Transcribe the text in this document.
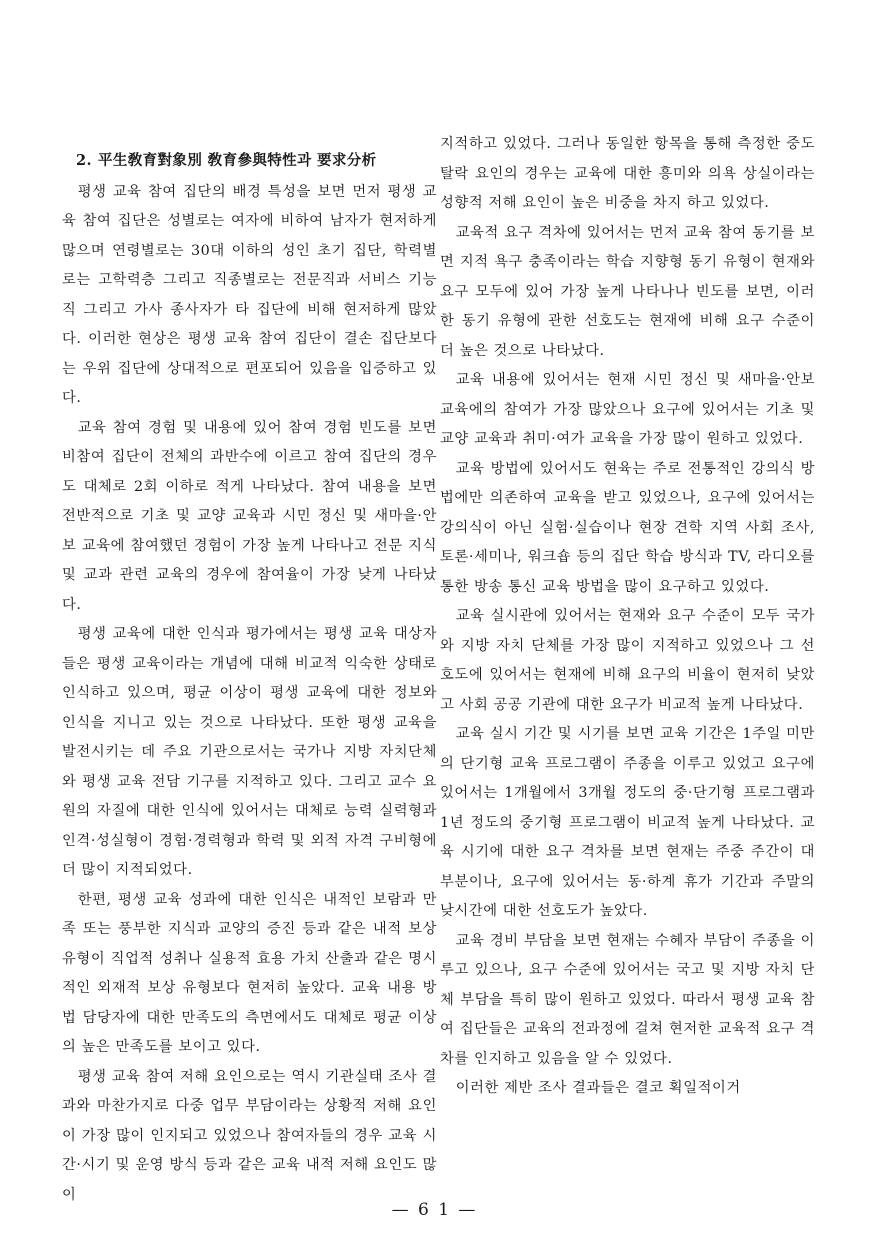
2. 平生敎育對象別 敎育參與特性과 要求分析

평생 교육 참여 집단의 배경 특성을 보면 먼저 평생 교육 참여 집단은 성별로는 여자에 비하여 남자가 현저하게 많으며 연령별로는 30대 이하의 성인 초기 집단, 학력별로는 고학력층 그리고 직종별로는 전문직과 서비스 기능직 그리고 가사 종사자가 타 집단에 비해 현저하게 많았다. 이러한 현상은 평생 교육 참여 집단이 결손 집단보다는 우위 집단에 상대적으로 편포되어 있음을 입증하고 있다.

교육 참여 경험 및 내용에 있어 참여 경험 빈도를 보면 비참여 집단이 전체의 과반수에 이르고 참여 집단의 경우도 대체로 2회 이하로 적게 나타났다. 참여 내용을 보면 전반적으로 기초 및 교양 교육과 시민 정신 및 새마을·안보 교육에 참여했던 경험이 가장 높게 나타나고 전문 지식 및 교과 관련 교육의 경우에 참여율이 가장 낮게 나타났다.

평생 교육에 대한 인식과 평가에서는 평생 교육 대상자들은 평생 교육이라는 개념에 대해 비교적 익숙한 상태로 인식하고 있으며, 평균 이상이 평생 교육에 대한 정보와 인식을 지니고 있는 것으로 나타났다. 또한 평생 교육을 발전시키는 데 주요 기관으로서는 국가나 지방 자치단체와 평생 교육 전담 기구를 지적하고 있다. 그리고 교수 요원의 자질에 대한 인식에 있어서는 대체로 능력 실력형과 인격·성실형이 경험·경력형과 학력 및 외적 자격 구비형에 더 많이 지적되었다.

한편, 평생 교육 성과에 대한 인식은 내적인 보람과 만족 또는 풍부한 지식과 교양의 증진 등과 같은 내적 보상 유형이 직업적 성취나 실용적 효용 가치 산출과 같은 명시적인 외재적 보상 유형보다 현저히 높았다. 교육 내용 방법 담당자에 대한 만족도의 측면에서도 대체로 평균 이상의 높은 만족도를 보이고 있다.

평생 교육 참여 저해 요인으로는 역시 기관실태 조사 결과와 마찬가지로 다중 업무 부담이라는 상황적 저해 요인이 가장 많이 인지되고 있었으나 참여자들의 경우 교육 시간·시기 및 운영 방식 등과 같은 교육 내적 저해 요인도 많이

지적하고 있었다. 그러나 동일한 항목을 통해 측정한 중도 탈락 요인의 경우는 교육에 대한 흥미와 의욕 상실이라는 성향적 저해 요인이 높은 비중을 차지 하고 있었다.

교육적 요구 격차에 있어서는 먼저 교육 참여 동기를 보면 지적 욕구 충족이라는 학습 지향형 동기 유형이 현재와 요구 모두에 있어 가장 높게 나타나나 빈도를 보면, 이러한 동기 유형에 관한 선호도는 현재에 비해 요구 수준이 더 높은 것으로 나타났다.

교육 내용에 있어서는 현재 시민 정신 및 새마을·안보 교육에의 참여가 가장 많았으나 요구에 있어서는 기초 및 교양 교육과 취미·여가 교육을 가장 많이 원하고 있었다.

교육 방법에 있어서도 현육는 주로 전통적인 강의식 방법에만 의존하여 교육을 받고 있었으나, 요구에 있어서는 강의식이 아닌 실험·실습이나 현장 견학 지역 사회 조사, 토론·세미나, 워크숍 등의 집단 학습 방식과 TV, 라디오를 통한 방송 통신 교육 방법을 많이 요구하고 있었다.

교육 실시관에 있어서는 현재와 요구 수준이 모두 국가와 지방 자치 단체를 가장 많이 지적하고 있었으나 그 선호도에 있어서는 현재에 비해 요구의 비율이 현저히 낮았고 사회 공공 기관에 대한 요구가 비교적 높게 나타났다.

교육 실시 기간 및 시기를 보면 교육 기간은 1주일 미만의 단기형 교육 프로그램이 주종을 이루고 있었고 요구에 있어서는 1개월에서 3개월 정도의 중·단기형 프로그램과 1년 정도의 중기형 프로그램이 비교적 높게 나타났다. 교육 시기에 대한 요구 격차를 보면 현재는 주중 주간이 대부분이나, 요구에 있어서는 동·하계 휴가 기간과 주말의 낮시간에 대한 선호도가 높았다.

교육 경비 부담을 보면 현재는 수혜자 부담이 주종을 이루고 있으나, 요구 수준에 있어서는 국고 및 지방 자치 단체 부담을 특히 많이 원하고 있었다. 따라서 평생 교육 참여 집단들은 교육의 전과정에 걸쳐 현저한 교육적 요구 격차를 인지하고 있음을 알 수 있었다.

이러한 제반 조사 결과들은 결코 획일적이거

— 6 1 —
